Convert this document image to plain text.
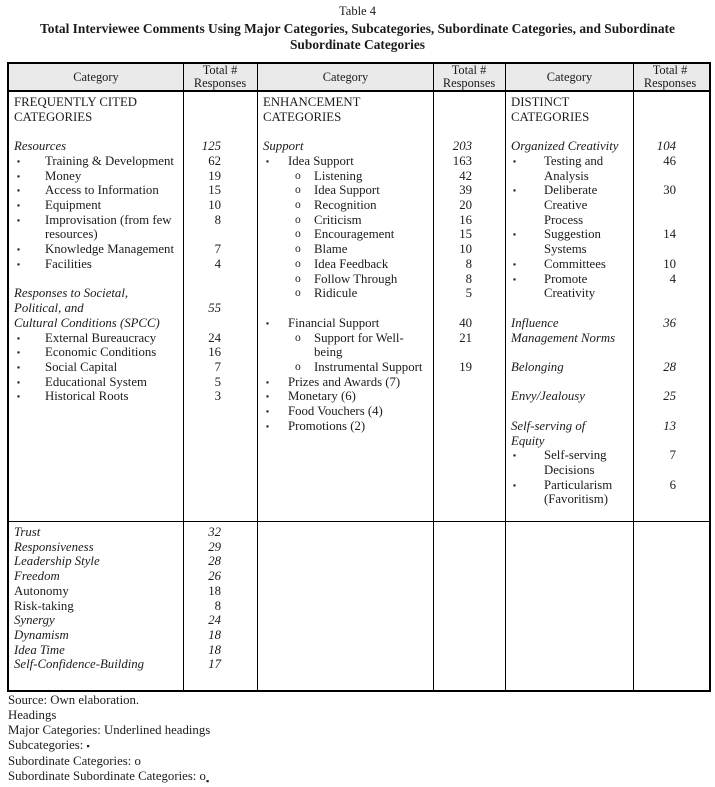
Table 4
Total Interviewee Comments Using Major Categories, Subcategories, Subordinate Categories, and Subordinate
Subordinate Categories
Category	Total # Responses	Category	Total # Responses	Category	Total # Responses
FREQUENTLY CITED
CATEGORIES
Resources	125
▪ Training & Development	62
▪ Money	19
▪ Access to Information	15
▪ Equipment	10
▪ Improvisation (from few	8
resources)
▪ Knowledge Management	7
▪ Facilities	4
Responses to Societal,
Political, and	55
Cultural Conditions (SPCC)
▪ External Bureaucracy	24
▪ Economic Conditions	16
▪ Social Capital	7
▪ Educational System	5
▪ Historical Roots	3
ENHANCEMENT
CATEGORIES
Support	203
▪ Idea Support	163
o Listening	42
o Idea Support	39
o Recognition	20
o Criticism	16
o Encouragement	15
o Blame	10
o Idea Feedback	8
o Follow Through	8
o Ridicule	5
▪ Financial Support	40
o Support for Well-	21
being
o Instrumental Support	19
▪ Prizes and Awards (7)
▪ Monetary (6)
▪ Food Vouchers (4)
▪ Promotions (2)
DISTINCT
CATEGORIES
Organized Creativity	104
▪ Testing and	46
Analysis
▪ Deliberate	30
Creative
Process
▪ Suggestion	14
Systems
▪ Committees	10
▪ Promote	4
Creativity
Influence	36
Management Norms
Belonging	28
Envy/Jealousy	25
Self-serving of	13
Equity
▪ Self-serving	7
Decisions
▪ Particularism	6
(Favoritism)
Trust	32
Responsiveness	29
Leadership Style	28
Freedom	26
Autonomy	18
Risk-taking	8
Synergy	24
Dynamism	18
Idea Time	18
Self-Confidence-Building	17
Source: Own elaboration.
Headings
Major Categories: Underlined headings
Subcategories: ▪
Subordinate Categories: o
Subordinate Subordinate Categories: $o_▪$
